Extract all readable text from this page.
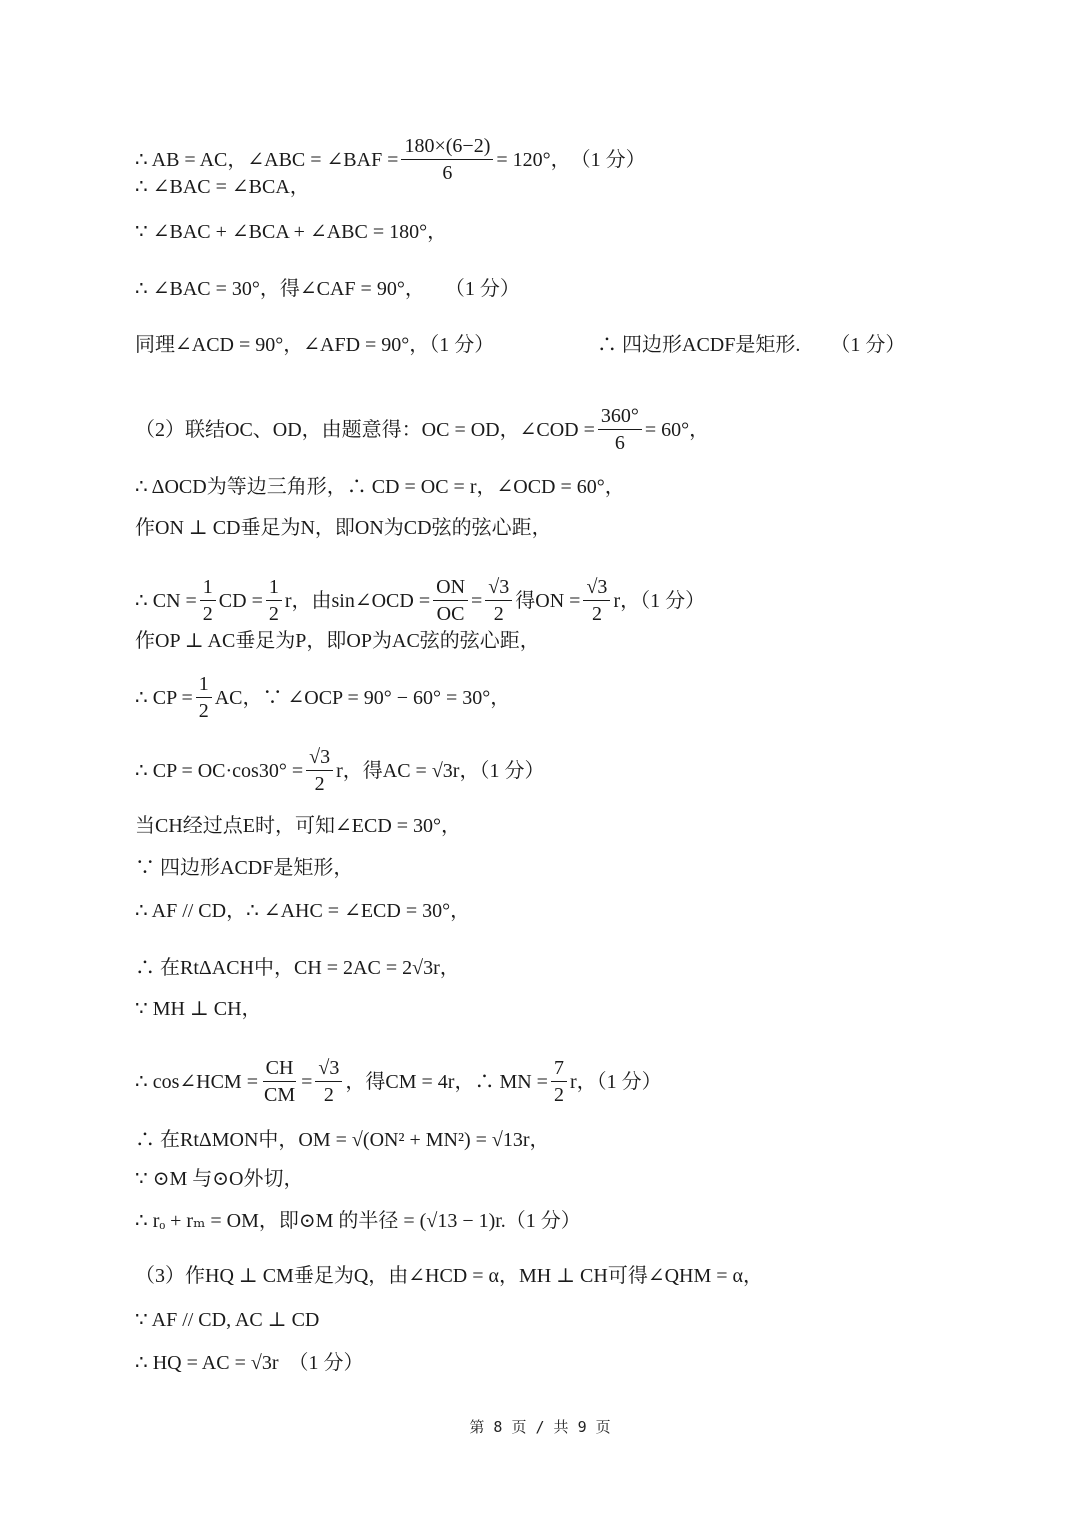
∴ AB = AC，∠ABC = ∠BAF = $\frac{180\times(6-2)}{6} = 120^\circ$，　（1 分）
∴ ∠BAC = ∠BCA，
∵ ∠BAC + ∠BCA + ∠ABC = 180°，
∴ ∠BAC = 30°，得∠CAF = 90°，　　（1 分）
同理∠ACD = 90°，∠AFD = 90°，（1 分）
（2）联结OC、OD，由题意得：OC = OD，∠COD = $\frac{360^\circ}{6} = 60^\circ$，
∴ ΔOCD为等边三角形，∴ CD = OC = r，∠OCD = 60°，
作ON ⊥ CD垂足为N，即ON为CD弦的弦心距，
∴ CN = $\frac{1}{2}$ CD = $\frac{1}{2}$ r，由sin∠OCD = $\frac{ON}{OC} = \frac{√3}{2}$ 得ON = $\frac{√3}{2}$ r，（1 分）
作OP ⊥ AC垂足为P，即OP为AC弦的弦心距，
∴ CP = $\frac{1}{2}$ AC，∵ ∠OCP = 90° − 60° = 30°，
∴ CP = $OC\cdot\cos 30^\circ = \frac{√3}{2}$ r，得AC = √3r，（1 分）
当CH经过点E时，可知∠ECD = 30°，
∵ 四边形ACDF是矩形，
∴ AF // CD，∴ ∠AHC = ∠ECD = 30°，
∴ 在RtΔACH中，CH = 2AC = 2√3r，
∵ MH ⊥ CH，
∴ cos∠HCM = $\frac{CH}{CM} = \frac{√3}{2}$ ，得CM = 4r，∴ MN = $\frac{7}{2}$ r，（1 分）
∴ 在RtΔMON中，OM = √(ON² + MN²) = √13r，
∵ ⊙M 与⊙O外切，
∴ rₒ + rₘ = OM，即⊙M 的半径 = (√13 − 1)r.（1 分）
（3）作HQ ⊥ CM垂足为Q，由∠HCD = α，MH ⊥ CH可得∠QHM = α，
∵ AF // CD, AC ⊥ CD
∴ HQ = AC = √3r　（1 分）
∴ 四边形ACDF是矩形.　　（1 分）
第 8 页 / 共 9 页
